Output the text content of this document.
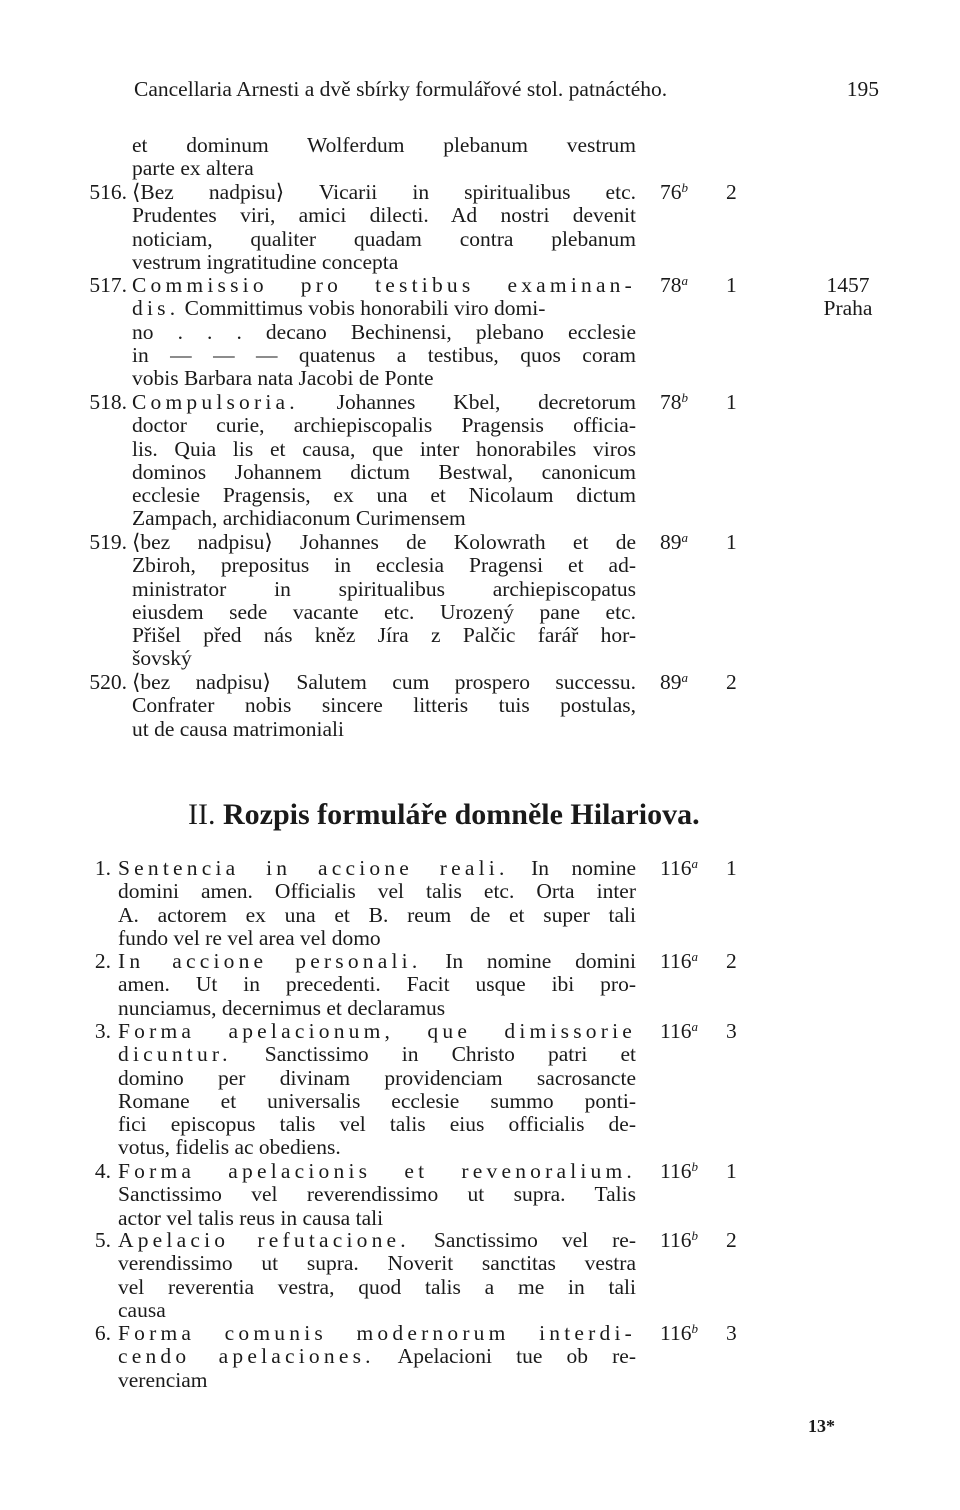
Cancellaria Arnesti a dvě sbírky formulářové stol. patnáctého.	195
et dominum Wolferdum plebanum vestrum
parte ex altera
516. ⟨Bez nadpisu⟩ Vicarii in spiritualibus etc.
Prudentes viri, amici dilecti. Ad nostri devenit
noticiam, qualiter quadam contra plebanum
vestrum ingratitudine concepta
76$^b$ 2
517. Commissio pro testibus examinan-
dis. Committimus vobis honorabili viro domi-
no . . . decano Bechinensi, plebano ecclesie
in — — — quatenus a testibus, quos coram
vobis Barbara nata Jacobi de Ponte
78$^a$ 1	1457
Praha
518. Compulsoria. Johannes Kbel, decretorum
doctor curie, archiepiscopalis Pragensis officia-
lis. Quia lis et causa, que inter honorabiles viros
dominos Johannem dictum Bestwal, canonicum
ecclesie Pragensis, ex una et Nicolaum dictum
Zampach, archidiaconum Curimensem
78$^b$ 1
519. ⟨bez nadpisu⟩ Johannes de Kolowrath et de
Zbiroh, prepositus in ecclesia Pragensi et ad-
ministrator in spiritualibus archiepiscopatus
eiusdem sede vacante etc. Urozený pane etc.
Přišel před nás kněz Jíra z Palčic farář hor-
šovský
89$^a$ 1
520. ⟨bez nadpisu⟩ Salutem cum prospero successu.
Confrater nobis sincere litteris tuis postulas,
ut de causa matrimoniali
89$^a$ 2
II. Rozpis formuláře domněle Hilariova.
1. Sentencia in accione reali. In nomine
domini amen. Officialis vel talis etc. Orta inter
A. actorem ex una et B. reum de et super tali
fundo vel re vel area vel domo
116$^a$ 1
2. In accione personali. In nomine domini
amen. Ut in precedenti. Facit usque ibi pro-
nunciamus, decernimus et declaramus
116$^a$ 2
3. Forma apelacionum, que dimissorie
dicuntur. Sanctissimo in Christo patri et
domino per divinam providenciam sacrosancte
Romane et universalis ecclesie summo ponti-
fici episcopus talis vel talis eius officialis de-
votus, fidelis ac obediens.
116$^a$ 3
4. Forma apelacionis et revenoralium.
Sanctissimo vel reverendissimo ut supra. Talis
actor vel talis reus in causa tali
116$^b$ 1
5. Apelacio refutacione. Sanctissimo vel re-
verendissimo ut supra. Noverit sanctitas vestra
vel reverentia vestra, quod talis a me in tali
causa
116$^b$ 2
6. Forma comunis modernorum interdi-
cendo apelaciones. Apelacioni tue ob re-
verenciam
116$^b$ 3
13*
